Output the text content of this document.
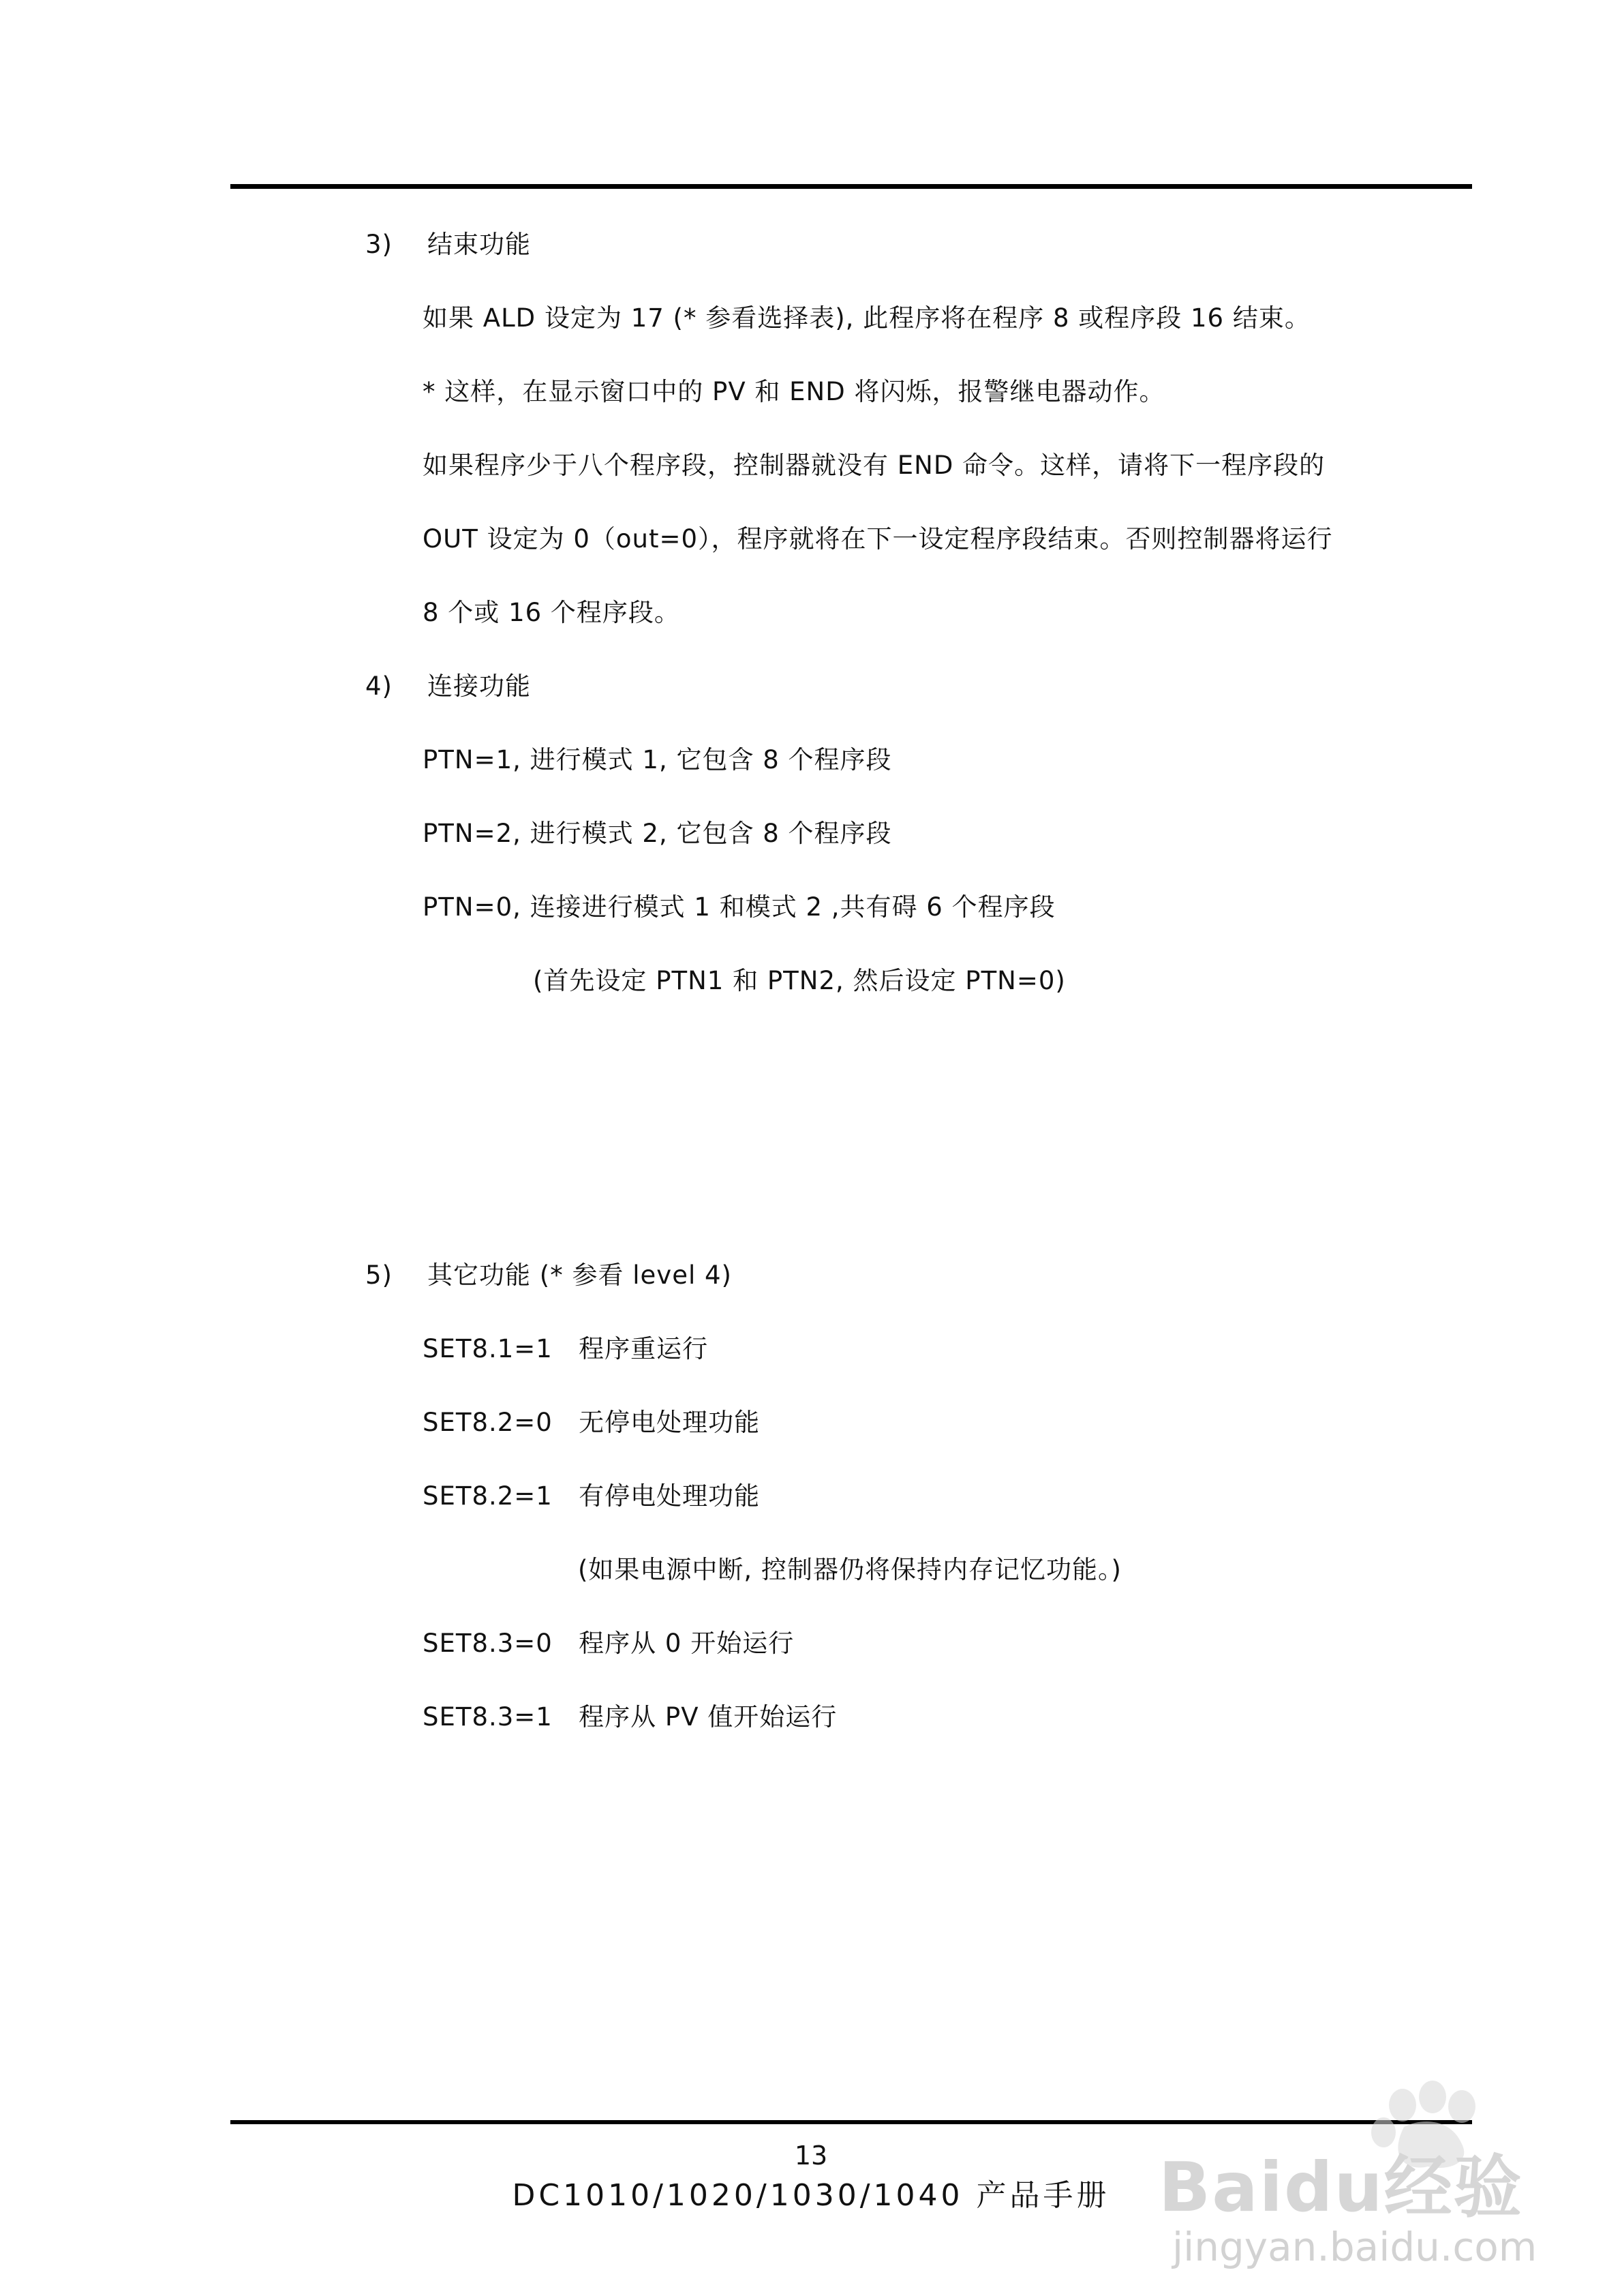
3) 结束功能
如果 ALD 设定为 17 (* 参看选择表), 此程序将在程序 8 或程序段 16 结束。
* 这样，在显示窗口中的 PV 和 END 将闪烁，报警继电器动作。
如果程序少于八个程序段，控制器就没有 END 命令。这样，请将下一程序段的
OUT 设定为 0（out=0），程序就将在下一设定程序段结束。否则控制器将运行
8 个或 16 个程序段。
4) 连接功能
PTN=1, 进行模式 1, 它包含 8 个程序段
PTN=2, 进行模式 2, 它包含 8 个程序段
PTN=0, 连接进行模式 1 和模式 2 ,共有碍 6 个程序段
(首先设定 PTN1 和 PTN2, 然后设定 PTN=0)
5) 其它功能 (* 参看 level 4)
SET8.1=1 程序重运行
SET8.2=0 无停电处理功能
SET8.2=1 有停电处理功能
(如果电源中断, 控制器仍将保持内存记忆功能。)
SET8.3=0 程序从 0 开始运行
SET8.3=1 程序从 PV 值开始运行
13
DC1010/1020/1030/1040 产品手册 Baidu经验
jingyan.baidu.com
